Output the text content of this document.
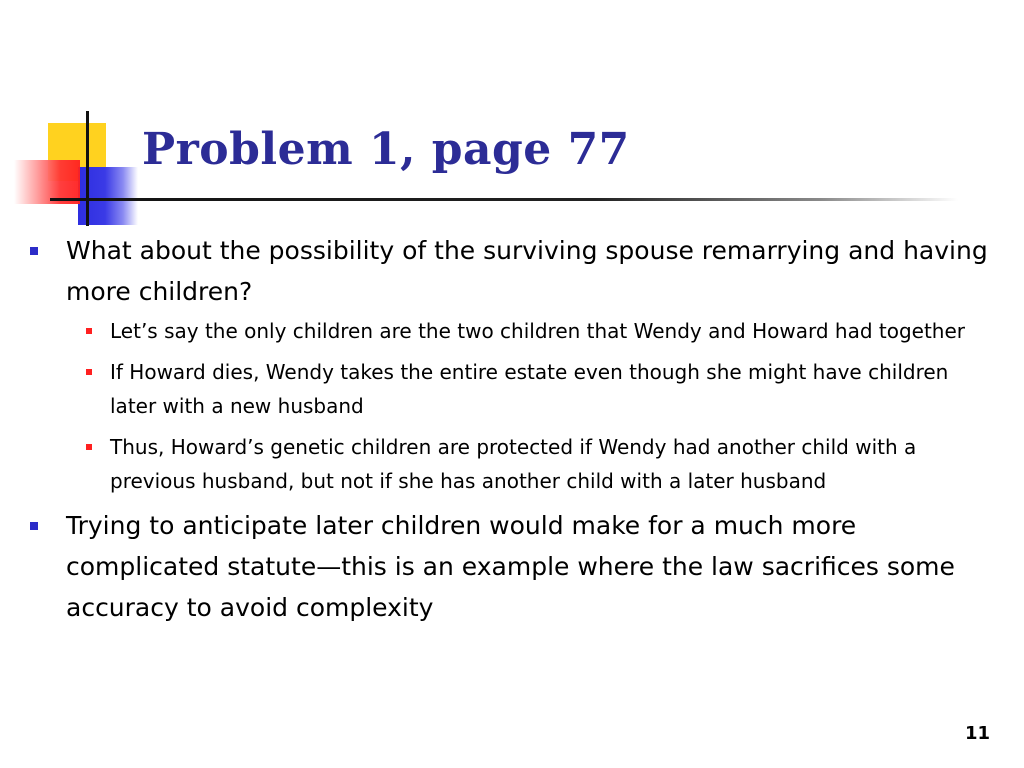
Problem 1, page 77
What about the possibility of the surviving spouse remarrying and having more children?
Let’s say the only children are the two children that Wendy and Howard had together
If Howard dies, Wendy takes the entire estate even though she might have children later with a new husband
Thus, Howard’s genetic children are protected if Wendy had another child with a previous husband, but not if she has another child with a later husband
Trying to anticipate later children would make for a much more complicated statute—this is an example where the law sacrifices some accuracy to avoid complexity
11
